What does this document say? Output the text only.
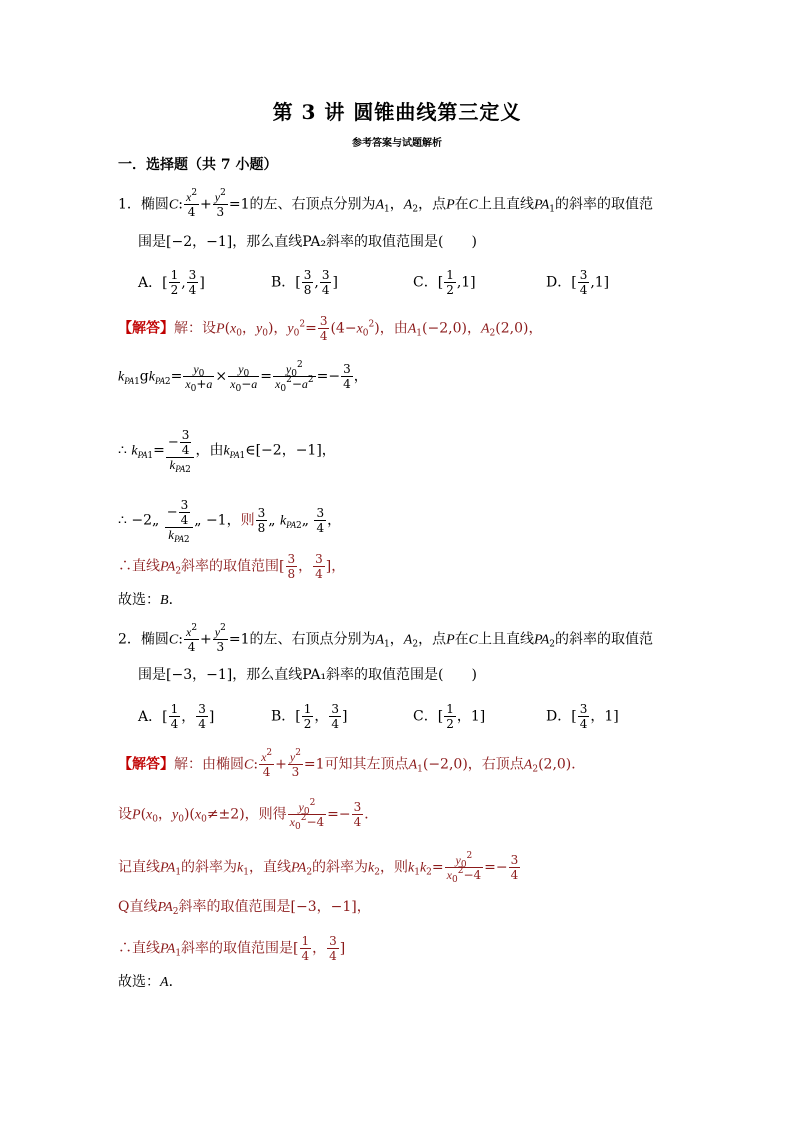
第 3 讲 圆锥曲线第三定义
参考答案与试题解析
一．选择题（共 7 小题）
1．椭圆C: $\frac{x^2}{4} + \frac{y^2}{3} =1$的左、右顶点分别为$A_1$，$A_2$，点P在C上且直线$PA_1$的斜率的取值范
围是[−2，−1]，那么直线PA₂斜率的取值范围是(　　)
A．[ $\frac{1}{2}$ , $\frac{3}{4}$ ]	B．[ $\frac{3}{8}$ , $\frac{3}{4}$ ]	C．[ $\frac{1}{2} ,1$]	D．[ $\frac{3}{4} ,1$]
【解答】解：设$P(x_0$，$y_0$)，$y_0^2= \frac{3}{4} (4-x_0^2)$，由$A_1(-2,0)$，$A_2(2,0)$，
$k_{PA1}gk_{PA2}= \frac{y_0}{x_0+a} \times \frac{y_0}{x_0-a} = \frac{y_0^2}{x_0^2-a^2} =- \frac{3}{4}$ ，
∴ $k_{PA1}= - \frac{3}{4}$
$k_{PA2}$
，由$k_{PA1}\in[-2$，−1]，
∴ −2„ − $\frac{3}{4}$
$k_{PA2}$
„ −1，则 $\frac{3}{8}$ „ $k_{PA2}„ \frac{3}{4}$ ，
∴直线$PA_2$斜率的取值范围[ $\frac{3}{8}$ ， $\frac{3}{4}$ ]，
故选：B．
2．椭圆C: $\frac{x^2}{4} + \frac{y^2}{3} =1$的左、右顶点分别为$A_1$，$A_2$，点P在C上且直线$PA_2$的斜率的取值范
围是[−3，−1]，那么直线PA₁斜率的取值范围是(　　)
A．[ $\frac{1}{4}$ ， $\frac{3}{4}$ ]	B．[ $\frac{1}{2}$ ， $\frac{3}{4}$ ]	C．[ $\frac{1}{2}$ ，1]	D．[ $\frac{3}{4}$ ，1]
【解答】解：由椭圆C: $\frac{x^2}{4} + \frac{y^2}{3} =1$可知其左顶点$A_1(-2,0)$，右顶点$A_2(2,0)$．
设$P(x_0$，$y_0)(x_0\ne\pm 2)$，则得 $\frac{y_0^2}{x_0^2-4} =- \frac{3}{4}$ ．
记直线$PA_1$的斜率为$k_1$，直线$PA_2$的斜率为$k_2$，则$k_1k_2= \frac{y_0^2}{x_0^2-4} =- \frac{3}{4}$
Q直线$PA_2$斜率的取值范围是[−3，−1]，
∴直线$PA_1$斜率的取值范围是[ $\frac{1}{4}$ ， $\frac{3}{4}$ ]
故选：A．
